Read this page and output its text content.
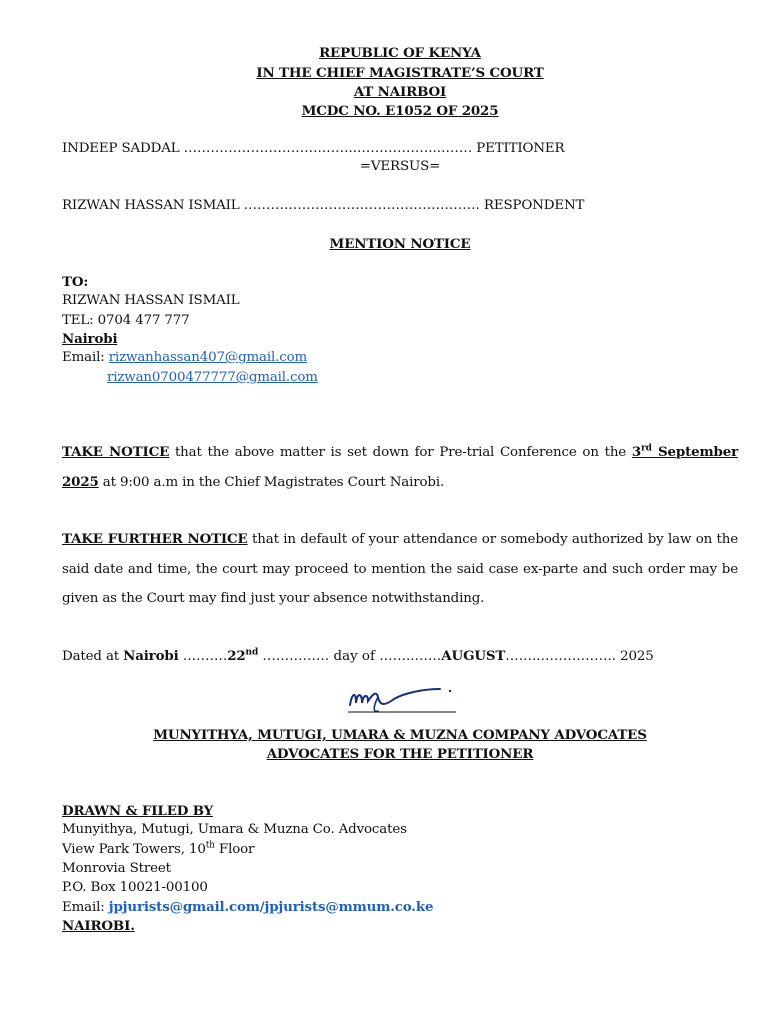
REPUBLIC OF KENYA
IN THE CHIEF MAGISTRATE’S COURT
AT NAIRBOI
MCDC NO. E1052 OF 2025
INDEEP SADDAL ………………………….……...……………...……. PETITIONER
=VERSUS=
RIZWAN HASSAN ISMAIL ……………………………………….……. RESPONDENT
MENTION NOTICE
TO:
RIZWAN HASSAN ISMAIL
TEL: 0704 477 777
Nairobi
Email: rizwanhassan407@gmail.com
rizwan0700477777@gmail.com
TAKE NOTICE that the above matter is set down for Pre-trial Conference on the 3rd September 2025 at 9:00 a.m in the Chief Magistrates Court Nairobi.
TAKE FURTHER NOTICE that in default of your attendance or somebody authorized by law on the said date and time, the court may proceed to mention the said case ex-parte and such order may be given as the Court may find just your absence notwithstanding.
Dated at Nairobi ……….22nd …………… day of ……..……AUGUST……..…………….. 2025
MUNYITHYA, MUTUGI, UMARA & MUZNA COMPANY ADVOCATES
ADVOCATES FOR THE PETITIONER
DRAWN & FILED BY
Munyithya, Mutugi, Umara & Muzna Co. Advocates
View Park Towers, 10th Floor
Monrovia Street
P.O. Box 10021-00100
Email: jpjurists@gmail.com/jpjurists@mmum.co.ke
NAIROBI.
